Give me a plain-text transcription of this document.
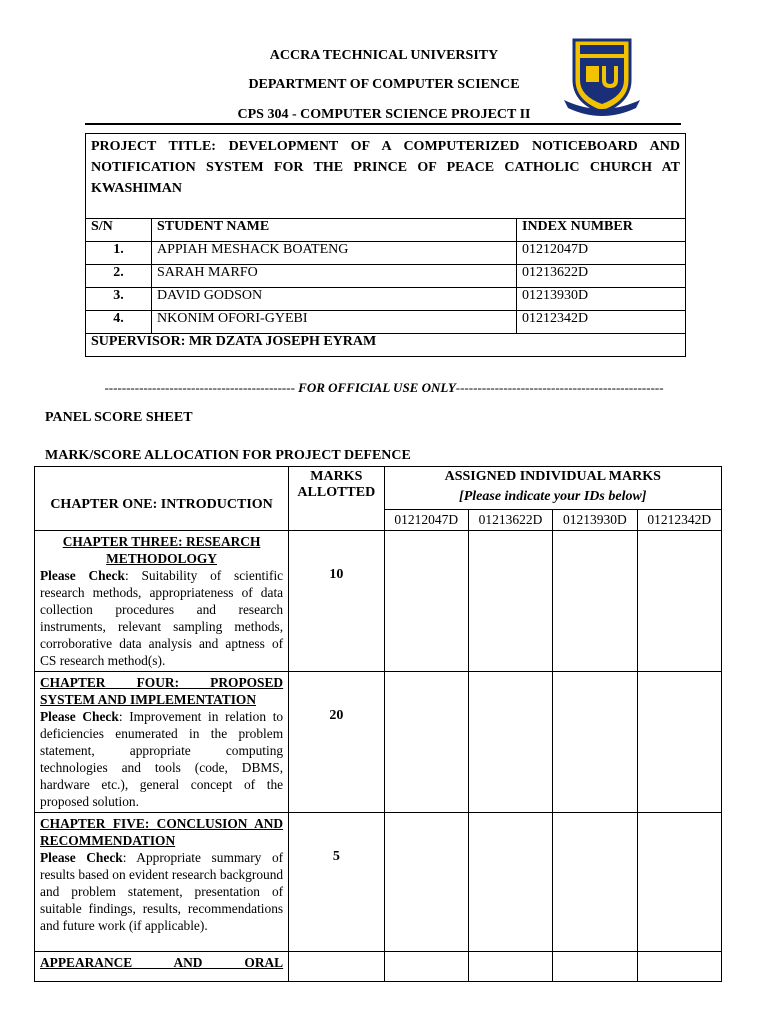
ACCRA TECHNICAL UNIVERSITY
DEPARTMENT OF COMPUTER SCIENCE
CPS 304 - COMPUTER SCIENCE PROJECT II
PROJECT TITLE: DEVELOPMENT OF A COMPUTERIZED NOTICEBOARD AND NOTIFICATION SYSTEM FOR THE PRINCE OF PEACE CATHOLIC CHURCH AT KWASHIMAN		
S/N	STUDENT NAME	INDEX NUMBER
1.	APPIAH MESHACK BOATENG	01212047D
2.	SARAH MARFO	01213622D
3.	DAVID GODSON	01213930D
4.	NKONIM OFORI-GYEBI	01212342D
SUPERVISOR: MR DZATA JOSEPH EYRAM		
-------------------------------------------- FOR OFFICIAL USE ONLY------------------------------------------------
PANEL SCORE SHEET
MARK/SCORE ALLOCATION FOR PROJECT DEFENCE
CHAPTER ONE: INTRODUCTION	MARKS ALLOTTED	ASSIGNED INDIVIDUAL MARKS
[Please indicate your IDs below]			

		01212047D	01213622D	01213930D	01212342D

CHAPTER THREE: RESEARCH METHODOLOGY
Please Check: Suitability of scientific research methods, appropriateness of data collection procedures and research instruments, relevant sampling methods, corroborative data analysis and aptness of CS research method(s).	10				
CHAPTER FOUR: PROPOSED SYSTEM AND IMPLEMENTATION
Please Check: Improvement in relation to deficiencies enumerated in the problem statement, appropriate computing technologies and tools (code, DBMS, hardware etc.), general concept of the proposed solution.	20				
CHAPTER FIVE: CONCLUSION AND RECOMMENDATION
Please Check: Appropriate summary of results based on evident research background and problem statement, presentation of suitable findings, results, recommendations and future work (if applicable).	5				

APPEARANCE AND ORAL					
